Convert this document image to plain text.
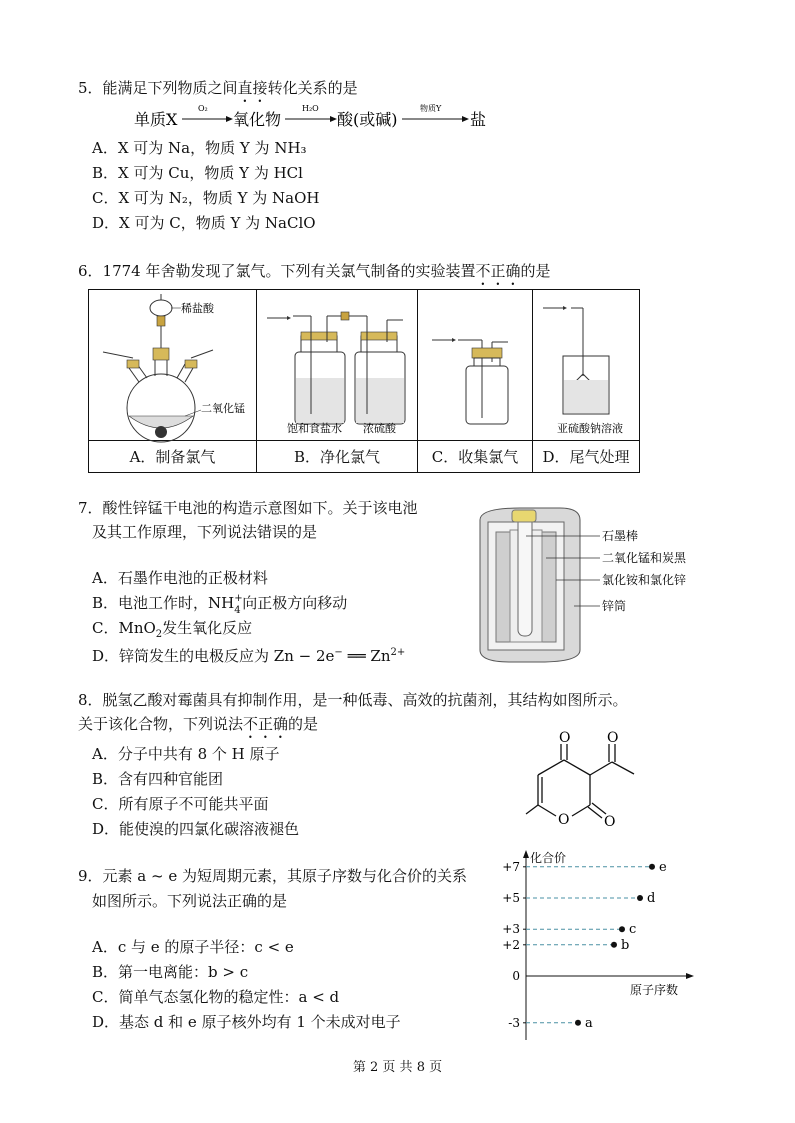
5．能满足下列物质之间直接转化关系的是
单质X
O₂
氧化物
H₂O
酸(或碱)
物质Y
盐
A．X 可为 Na，物质 Y 为 NH₃
B．X 可为 Cu，物质 Y 为 HCl
C．X 可为 N₂，物质 Y 为 NaOH
D．X 可为 C，物质 Y 为 NaClO
6．1774 年舍勒发现了氯气。下列有关氯气制备的实验装置不正确的是
稀盐酸
二氧化锰	饱和食盐水 浓硫酸		亚硫酸钠溶液

A．制备氯气	B．净化氯气	C．收集氯气	D．尾气处理
7．酸性锌锰干电池的构造示意图如下。关于该电池
及其工作原理，下列说法错误的是	石墨棒
二氧化锰和炭黑
氯化铵和氯化锌
锌筒
A．石墨作电池的正极材料
B．电池工作时，NH +
4 向正极方向移动
C．MnO$_2$发生氧化反应
D．锌筒发生的电极反应为 Zn − 2e− ══ $Zn^{2+}$
8．脱氢乙酸对霉菌具有抑制作用，是一种低毒、高效的抗菌剂，其结构如图所示。
关于该化合物，下列说法不正确的是
O	O
O O
A．分子中共有 8 个 H 原子
B．含有四种官能团
C．所有原子不可能共平面
D．能使溴的四氯化碳溶液褪色
9．元素 a ~ e 为短周期元素，其原子序数与化合价的关系
如图所示。下列说法正确的是
A．c 与 e 的原子半径：c < e
B．第一电离能：b > c
C．简单气态氢化物的稳定性：a < d
D．基态 d 和 e 原子核外均有 1 个未成对电子
化合价
原子序数
+7
+5
+3
+2
0
-3	a
b
c
d
e
第 2 页 共 8 页
